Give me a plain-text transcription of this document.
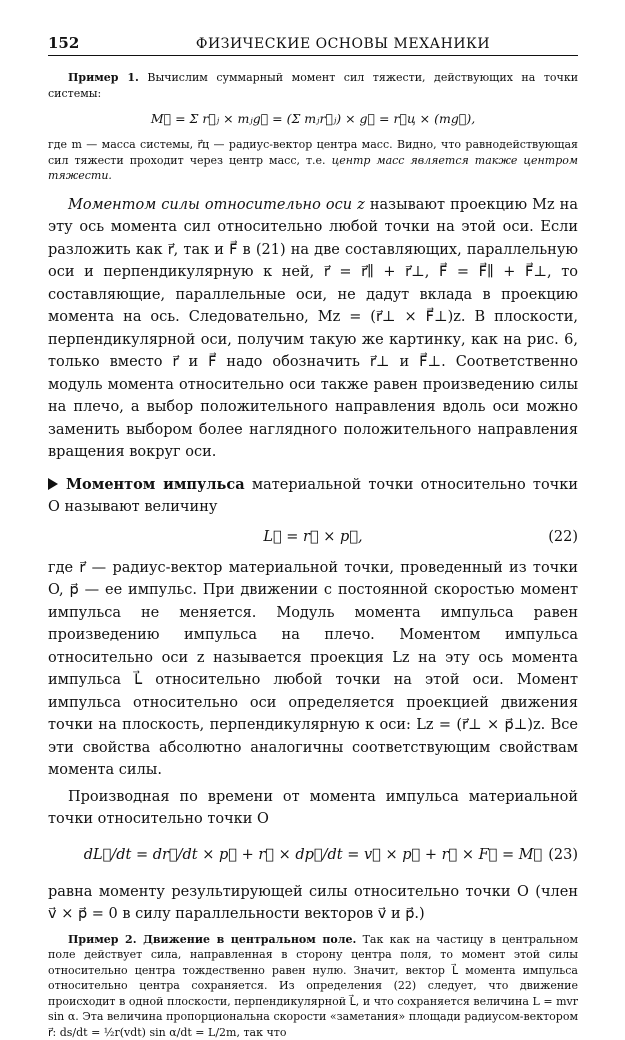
152	ФИЗИЧЕСКИЕ ОСНОВЫ МЕХАНИКИ

Пример 1. Вычислим суммарный момент сил тяжести, действующих на точки системы:

M⃗ = Σ r⃗ⱼ × mⱼg⃗ = (Σ mⱼr⃗ⱼ) × g⃗ = r⃗ц × (mg⃗),

где m — масса системы, r⃗ц — радиус-вектор центра масс. Видно, что равнодействующая сил тяжести проходит через центр масс, т.е. центр масс является также центром тяжести.

Моментом силы относительно оси z называют проекцию Mz на эту ось момента сил относительно любой точки на этой оси. Если разложить как r⃗, так и F⃗ в (21) на две составляющих, параллельную оси и перпендикулярную к ней, r⃗ = r⃗∥ + r⃗⊥, F⃗ = F⃗∥ + F⃗⊥, то составляющие, параллельные оси, не дадут вклада в проекцию момента на ось. Следовательно, Mz = (r⃗⊥ × F⃗⊥)z. В плоскости, перпендикулярной оси, получим такую же картинку, как на рис. 6, только вместо r⃗ и F⃗ надо обозначить r⃗⊥ и F⃗⊥. Соответственно модуль момента относительно оси также равен произведению силы на плечо, а выбор положительного направления вдоль оси можно заменить выбором более наглядного положительного направления вращения вокруг оси.

Моментом импульса материальной точки относительно точки O называют величину

L⃗ = r⃗ × p⃗,	(22)

где r⃗ — радиус-вектор материальной точки, проведенный из точки O, p⃗ — ее импульс. При движении с постоянной скоростью момент импульса не меняется. Модуль момента импульса равен произведению импульса на плечо. Моментом импульса относительно оси z называется проекция Lz на эту ось момента импульса L⃗ относительно любой точки на этой оси. Момент импульса относительно оси определяется проекцией движения точки на плоскость, перпендикулярную к оси: Lz = (r⃗⊥ × p⃗⊥)z. Все эти свойства абсолютно аналогичны соответствующим свойствам момента силы.

Производная по времени от момента импульса материальной точки относительно точки O

dL⃗/dt = dr⃗/dt × p⃗ + r⃗ × dp⃗/dt = v⃗ × p⃗ + r⃗ × F⃗ = M⃗ (23)

равна моменту результирующей силы относительно точки O (член v⃗ × p⃗ = 0 в силу параллельности векторов v⃗ и p⃗.)

Пример 2. Движение в центральном поле. Так как на частицу в центральном поле действует сила, направленная в сторону центра поля, то момент этой силы относительно центра тождественно равен нулю. Значит, вектор L⃗ момента импульса относительно центра сохраняется. Из определения (22) следует, что движение происходит в одной плоскости, перпендикулярной L⃗, и что сохраняется величина L = mvr sin α. Эта величина пропорциональна скорости «заметания» площади радиусом-вектором r⃗: ds/dt = ½r(vdt) sin α/dt = L/2m, так что
